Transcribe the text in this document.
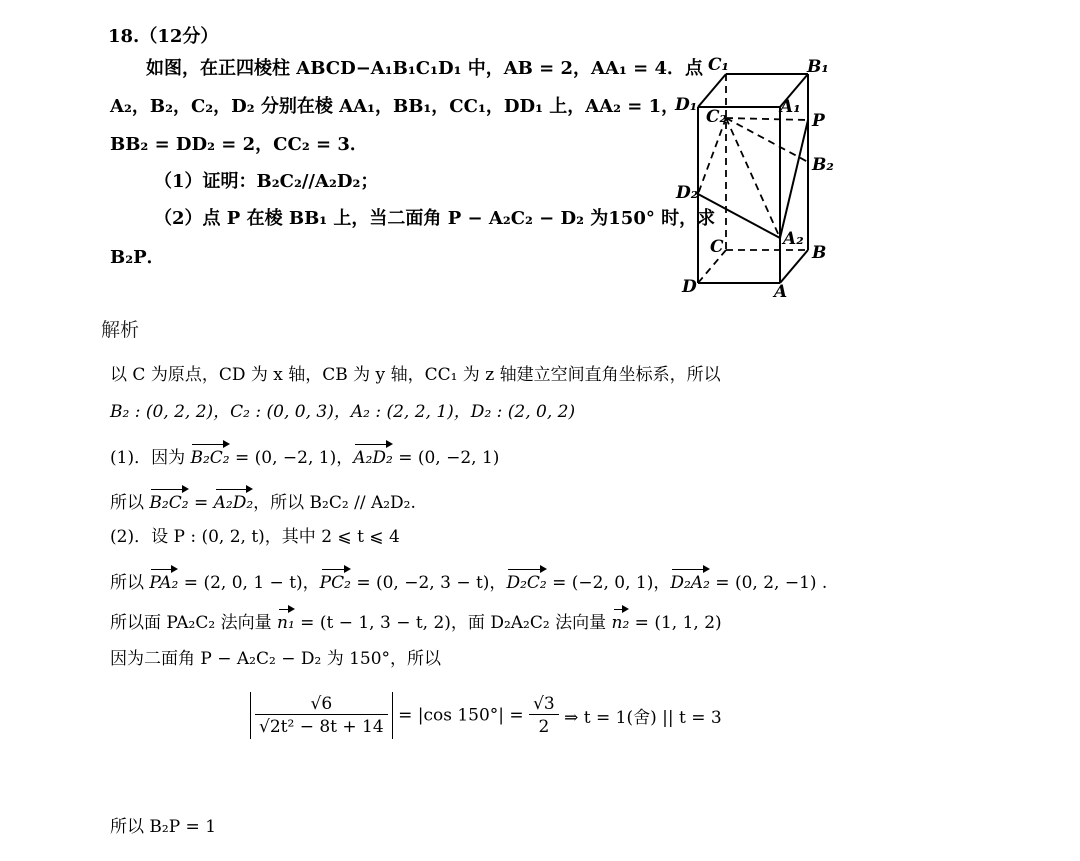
18.（12分）
如图，在正四棱柱 ABCD−A₁B₁C₁D₁ 中，AB = 2，AA₁ = 4．点
A₂，B₂，C₂，D₂ 分别在棱 AA₁，BB₁，CC₁，DD₁ 上，AA₂ = 1，
BB₂ = DD₂ = 2，CC₂ = 3．
（1）证明：B₂C₂//A₂D₂；
（2）点 P 在棱 BB₁ 上，当二面角 P − A₂C₂ − D₂ 为150° 时，求
B₂P．
C₁	B₁
D₁	A₁
C₂	P
B₂
D₂
C	A₂
B
D	A
解析
以 C 为原点，CD 为 x 轴，CB 为 y 轴，CC₁ 为 z 轴建立空间直角坐标系，所以
B₂ : (0, 2, 2)，C₂ : (0, 0, 3)，A₂ : (2, 2, 1)，D₂ : (2, 0, 2)
(1)．因为 B₂C₂ = (0, −2, 1)，A₂D₂ = (0, −2, 1)
所以 B₂C₂ = A₂D₂，所以 B₂C₂ // A₂D₂.
(2)．设 P : (0, 2, t)，其中 2 ⩽ t ⩽ 4
所以 PA₂ = (2, 0, 1 − t)，PC₂ = (0, −2, 3 − t)，D₂C₂ = (−2, 0, 1)，D₂A₂ = (0, 2, −1) .
所以面 PA₂C₂ 法向量 n₁ = (t − 1, 3 − t, 2)，面 D₂A₂C₂ 法向量 n₂ = (1, 1, 2)
因为二面角 P − A₂C₂ − D₂ 为 150°，所以
$\frac{√6}{\text{√2t² − 8t + 14}} = |\cos$ $150^\circ| = \frac{√3}{2}$ ⇒ t = 1(舍) || t = 3
所以 B₂P = 1
